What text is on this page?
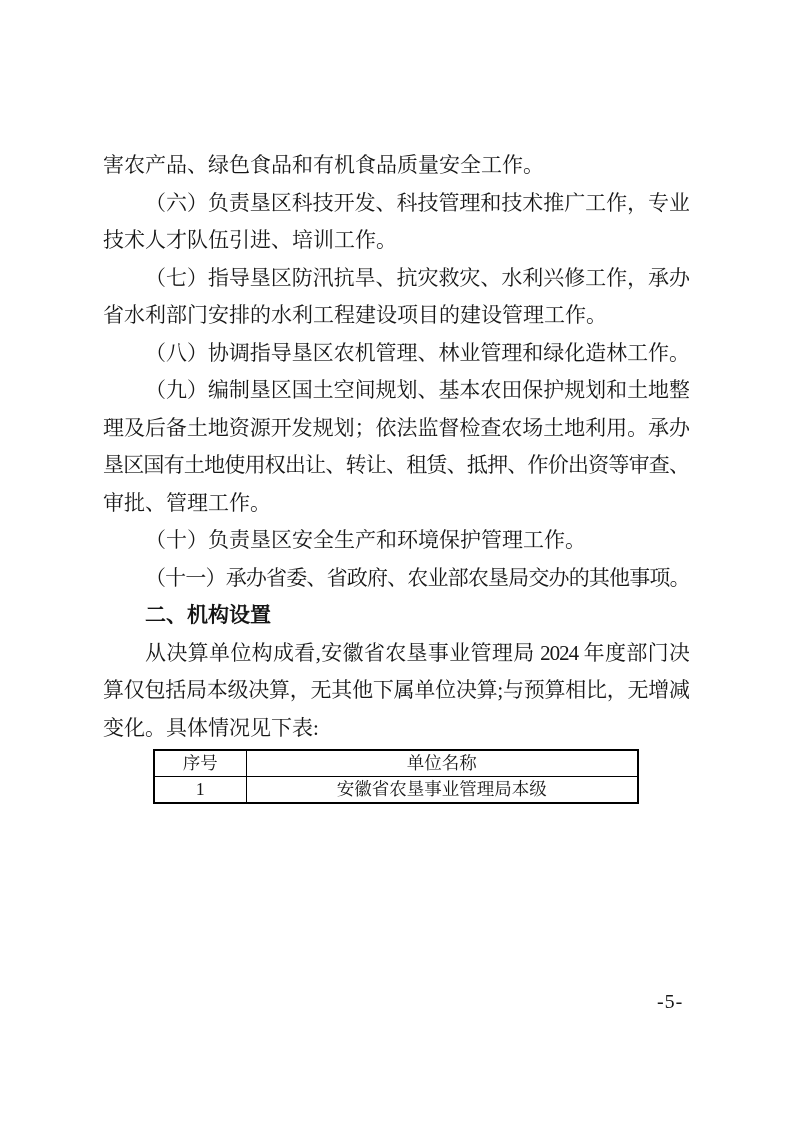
害农产品、绿色食品和有机食品质量安全工作。
（六）负责垦区科技开发、科技管理和技术推广工作，专业
技术人才队伍引进、培训工作。
（七）指导垦区防汛抗旱、抗灾救灾、水利兴修工作，承办
省水利部门安排的水利工程建设项目的建设管理工作。
（八）协调指导垦区农机管理、林业管理和绿化造林工作。
（九）编制垦区国土空间规划、基本农田保护规划和土地整
理及后备土地资源开发规划；依法监督检查农场土地利用。承办
垦区国有土地使用权出让、转让、租赁、抵押、作价出资等审查、
审批、管理工作。
（十）负责垦区安全生产和环境保护管理工作。
（十一）承办省委、省政府、农业部农垦局交办的其他事项。
二、机构设置
从决算单位构成看,安徽省农垦事业管理局 2024 年度部门决
算仅包括局本级决算，无其他下属单位决算;与预算相比，无增减
变化。具体情况见下表:
序号	单位名称
1	安徽省农垦事业管理局本级
-5-
